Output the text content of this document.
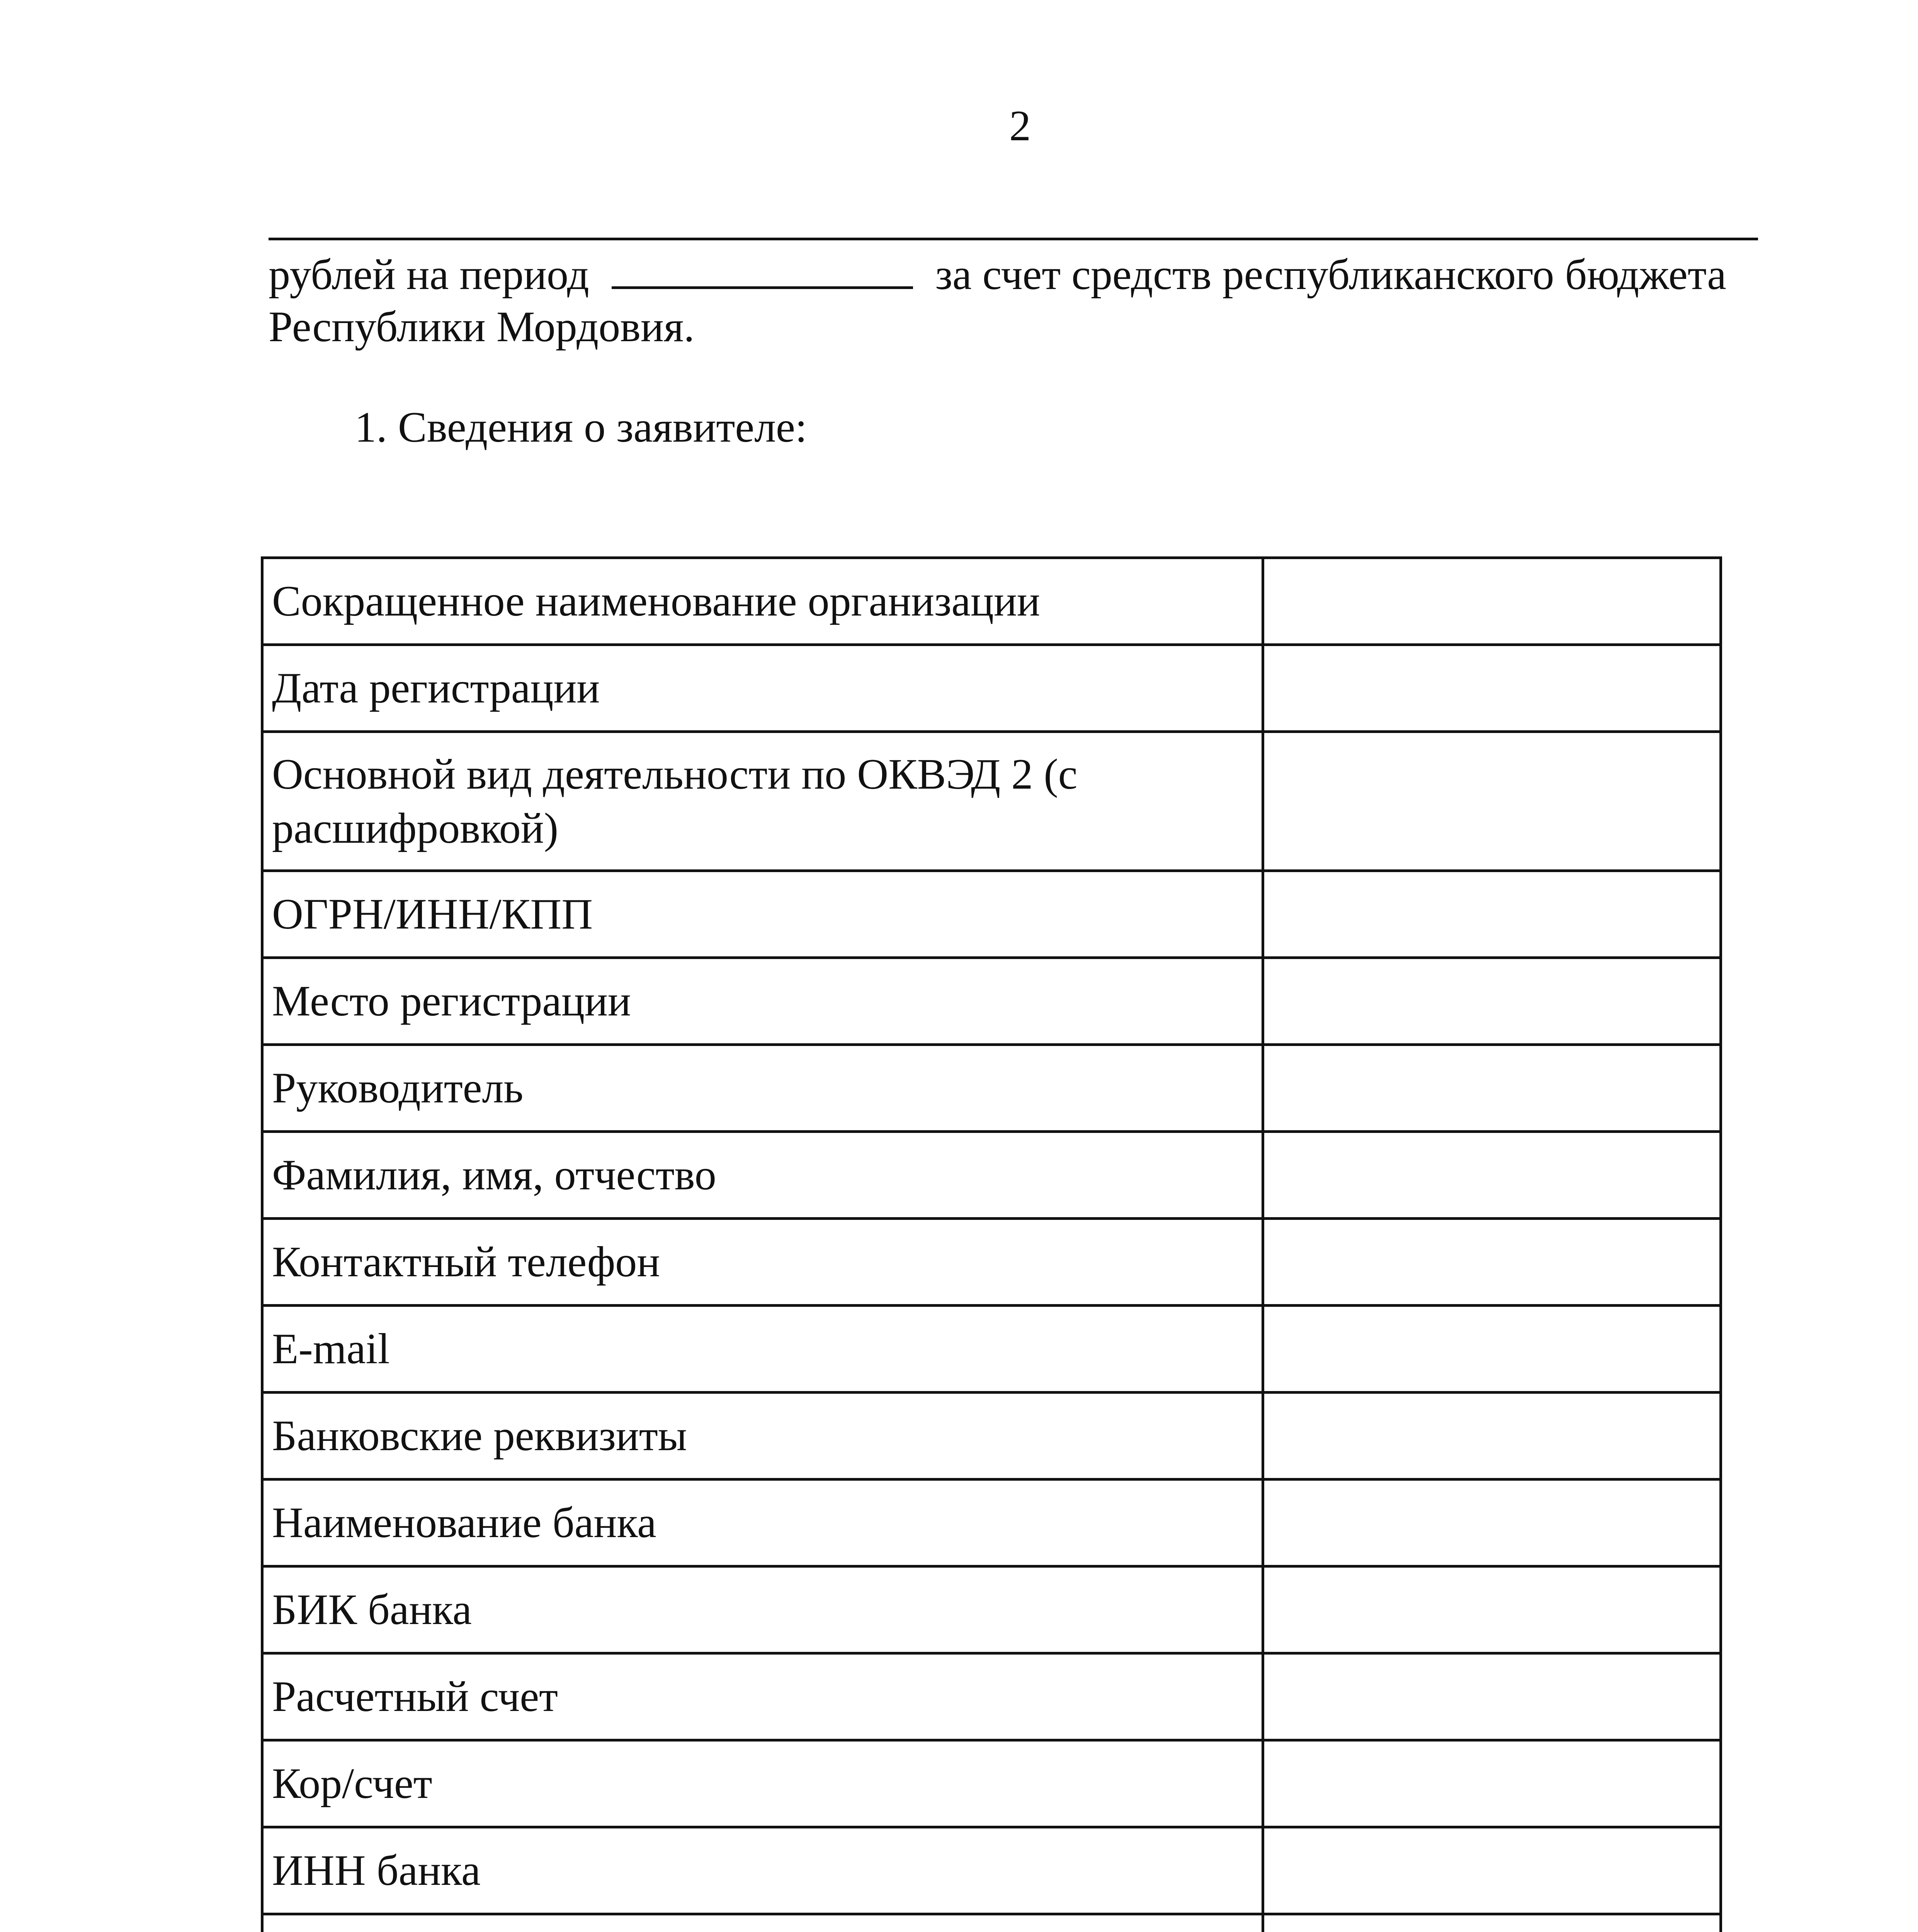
2
рублей на период	за счет средств республиканского бюджета
Республики Мордовия.
1. Сведения о заявителе:
Сокращенное наименование организации	
Дата регистрации	
Основной вид деятельности по ОКВЭД 2 (с расшифровкой)	
ОГРН/ИНН/КПП	
Место регистрации	
Руководитель	
Фамилия, имя, отчество	
Контактный телефон	
E-mail	
Банковские реквизиты	
Наименование банка	
БИК банка	
Расчетный счет	
Кор/счет	
ИНН банка	
